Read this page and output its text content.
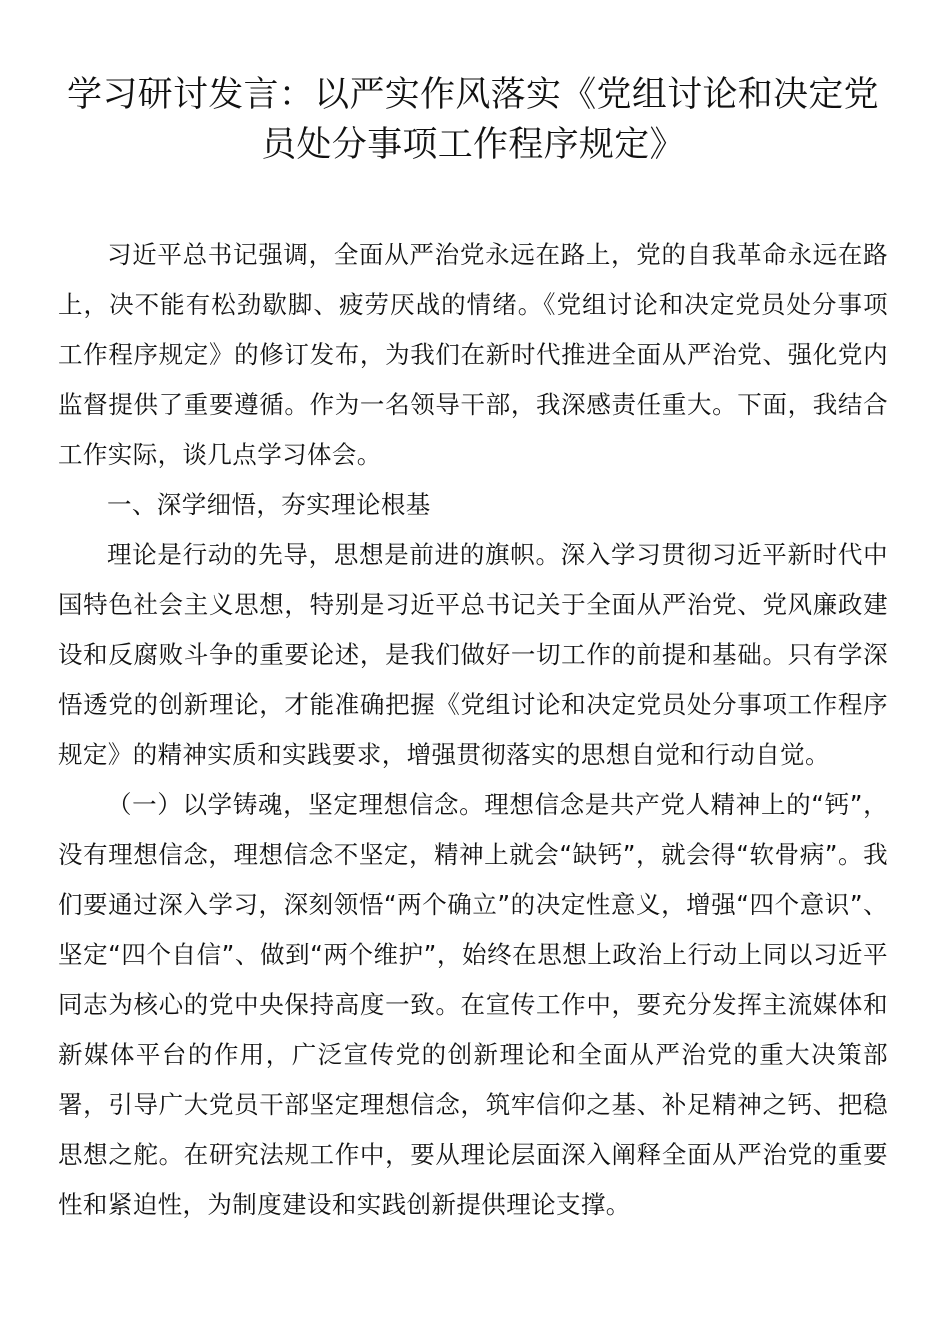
学习研讨发言：以严实作风落实《党组讨论和决定党员处分事项工作程序规定》

习近平总书记强调，全面从严治党永远在路上，党的自我革命永远在路上，决不能有松劲歇脚、疲劳厌战的情绪。《党组讨论和决定党员处分事项工作程序规定》的修订发布，为我们在新时代推进全面从严治党、强化党内监督提供了重要遵循。作为一名领导干部，我深感责任重大。下面，我结合工作实际，谈几点学习体会。

一、深学细悟，夯实理论根基

理论是行动的先导，思想是前进的旗帜。深入学习贯彻习近平新时代中国特色社会主义思想，特别是习近平总书记关于全面从严治党、党风廉政建设和反腐败斗争的重要论述，是我们做好一切工作的前提和基础。只有学深悟透党的创新理论，才能准确把握《党组讨论和决定党员处分事项工作程序规定》的精神实质和实践要求，增强贯彻落实的思想自觉和行动自觉。

（一）以学铸魂，坚定理想信念。理想信念是共产党人精神上的“钙”，没有理想信念，理想信念不坚定，精神上就会“缺钙”，就会得“软骨病”。我们要通过深入学习，深刻领悟“两个确立”的决定性意义，增强“四个意识”、坚定“四个自信”、做到“两个维护”，始终在思想上政治上行动上同以习近平同志为核心的党中央保持高度一致。在宣传工作中，要充分发挥主流媒体和新媒体平台的作用，广泛宣传党的创新理论和全面从严治党的重大决策部署，引导广大党员干部坚定理想信念，筑牢信仰之基、补足精神之钙、把稳思想之舵。在研究法规工作中，要从理论层面深入阐释全面从严治党的重要性和紧迫性，为制度建设和实践创新提供理论支撑。
